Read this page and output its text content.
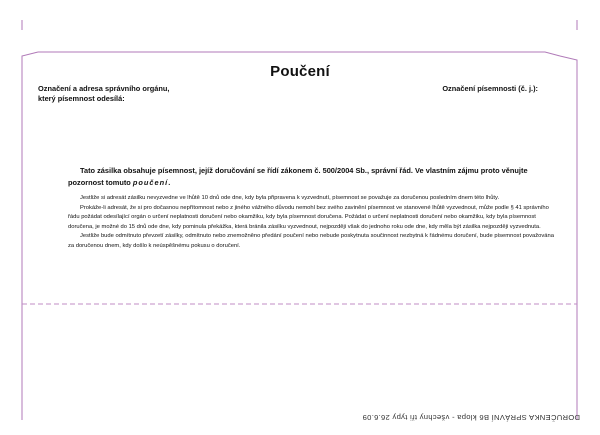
Poučení
Označení a adresa správního orgánu,
který písemnost odesílá:
Označení písemnosti (č. j.):
Tato zásilka obsahuje písemnost, jejíž doručování se řídí zákonem č. 500/2004 Sb., správní řád. Ve vlastním zájmu proto věnujte pozornost tomuto poučení.

Jestliže si adresát zásilku nevyzvedne ve lhůtě 10 dnů ode dne, kdy byla připravena k vyzvednutí, písemnost se považuje za doručenou posledním dnem této lhůty.

Prokáže-li adresát, že si pro dočasnou nepřítomnost nebo z jiného vážného důvodu nemohl bez svého zavinění písemnost ve stanovené lhůtě vyzvednout, může podle § 41 správního řádu požádat odesílající orgán o určení neplatnosti doručení nebo okamžiku, kdy byla písemnost doručena. Požádat o určení neplatnosti doručení nebo okamžiku, kdy byla písemnost doručena, je možné do 15 dnů ode dne, kdy pominula překážka, která bránila zásilku vyzvednout, nejpozději však do jednoho roku ode dne, kdy měla být zásilka nejpozději vyzvednuta.

Jestliže bude odmítnuto převzetí zásilky, odmítnuto nebo znemožněno předání poučení nebo nebude poskytnuta součinnost nezbytná k řádnému doručení, bude písemnost považována za doručenou dnem, kdy došlo k neúspěšnému pokusu o doručení.

DORUČENKA SPRÁVNÍ B6 klopa - všechny tři typy 26.6.09
